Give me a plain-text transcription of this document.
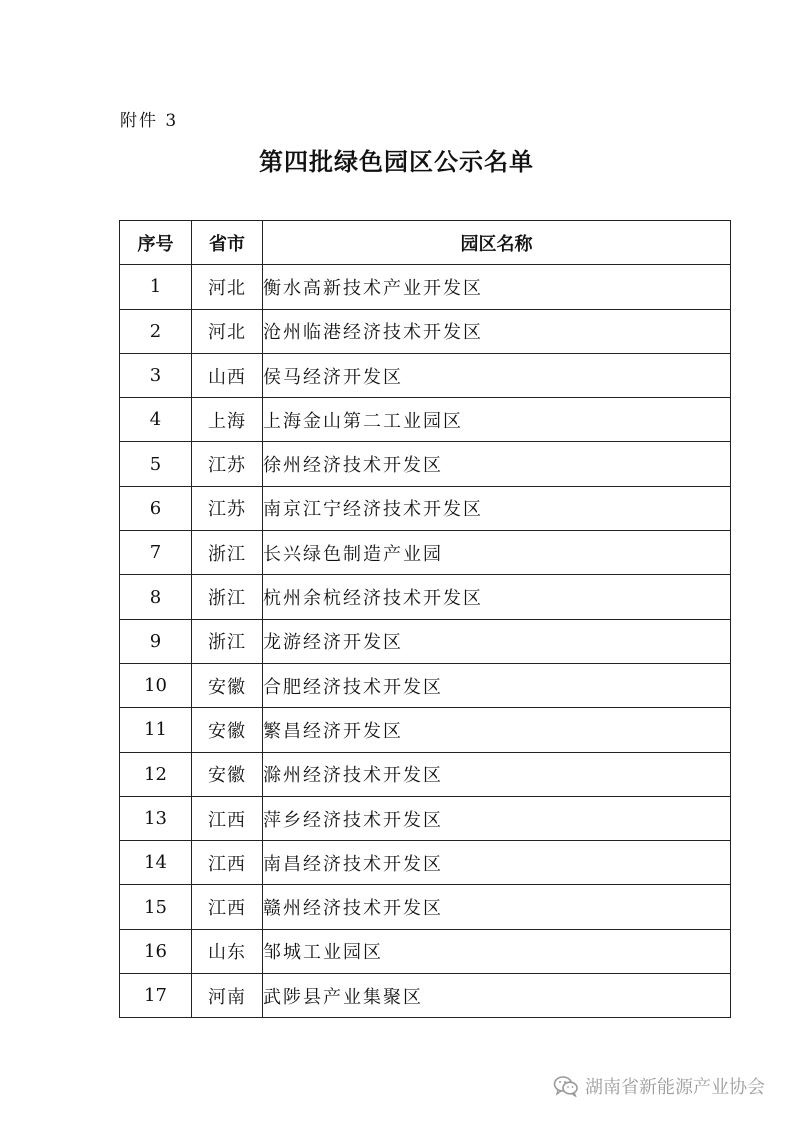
附件 3
第四批绿色园区公示名单
序号	省市	园区名称
1	河北	衡水高新技术产业开发区
2	河北	沧州临港经济技术开发区
3	山西	侯马经济开发区
4	上海	上海金山第二工业园区
5	江苏	徐州经济技术开发区
6	江苏	南京江宁经济技术开发区
7	浙江	长兴绿色制造产业园
8	浙江	杭州余杭经济技术开发区
9	浙江	龙游经济开发区
10	安徽	合肥经济技术开发区
11	安徽	繁昌经济开发区
12	安徽	滁州经济技术开发区
13	江西	萍乡经济技术开发区
14	江西	南昌经济技术开发区
15	江西	赣州经济技术开发区
16	山东	邹城工业园区
17	河南	武陟县产业集聚区
湖南省新能源产业协会
